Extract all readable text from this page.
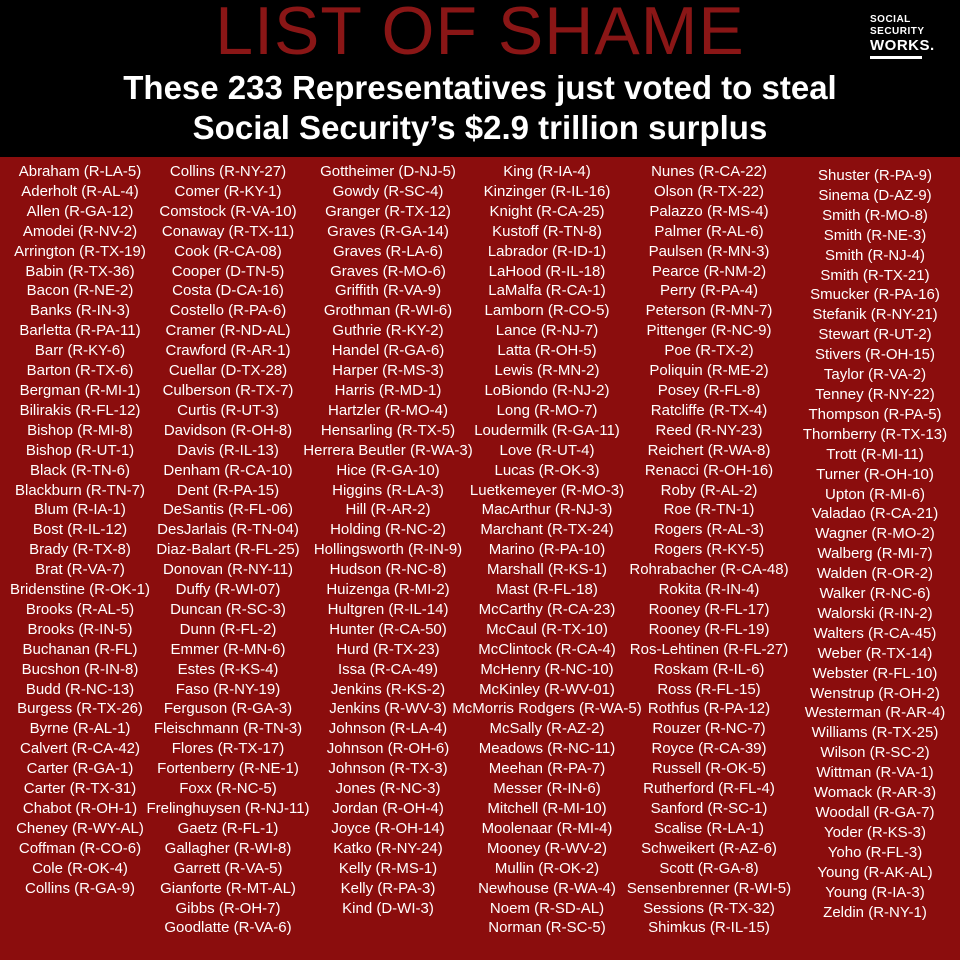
LIST OF SHAME	SOCIAL
SECURITY
WORKS.
These 233 Representatives just voted to steal
Social Security’s $2.9 trillion surplus
Abraham (R-LA-5)
Aderholt (R-AL-4)
Allen (R-GA-12)
Amodei (R-NV-2)
Arrington (R-TX-19)
Babin (R-TX-36)
Bacon (R-NE-2)
Banks (R-IN-3)
Barletta (R-PA-11)
Barr (R-KY-6)
Barton (R-TX-6)
Bergman (R-MI-1)
Bilirakis (R-FL-12)
Bishop (R-MI-8)
Bishop (R-UT-1)
Black (R-TN-6)
Blackburn (R-TN-7)
Blum (R-IA-1)
Bost (R-IL-12)
Brady (R-TX-8)
Brat (R-VA-7)
Bridenstine (R-OK-1)
Brooks (R-AL-5)
Brooks (R-IN-5)
Buchanan (R-FL)
Bucshon (R-IN-8)
Budd (R-NC-13)
Burgess (R-TX-26)
Byrne (R-AL-1)
Calvert (R-CA-42)
Carter (R-GA-1)
Carter (R-TX-31)
Chabot (R-OH-1)
Cheney (R-WY-AL)
Coffman (R-CO-6)
Cole (R-OK-4)
Collins (R-GA-9)
Collins (R-NY-27)
Comer (R-KY-1)
Comstock (R-VA-10)
Conaway (R-TX-11)
Cook (R-CA-08)
Cooper (D-TN-5)
Costa (D-CA-16)
Costello (R-PA-6)
Cramer (R-ND-AL)
Crawford (R-AR-1)
Cuellar (D-TX-28)
Culberson (R-TX-7)
Curtis (R-UT-3)
Davidson (R-OH-8)
Davis (R-IL-13)
Denham (R-CA-10)
Dent (R-PA-15)
DeSantis (R-FL-06)
DesJarlais (R-TN-04)
Diaz-Balart (R-FL-25)
Donovan (R-NY-11)
Duffy (R-WI-07)
Duncan (R-SC-3)
Dunn (R-FL-2)
Emmer (R-MN-6)
Estes (R-KS-4)
Faso (R-NY-19)
Ferguson (R-GA-3)
Fleischmann (R-TN-3)
Flores (R-TX-17)
Fortenberry (R-NE-1)
Foxx (R-NC-5)
Frelinghuysen (R-NJ-11)
Gaetz (R-FL-1)
Gallagher (R-WI-8)
Garrett (R-VA-5)
Gianforte (R-MT-AL)
Gibbs (R-OH-7)
Goodlatte (R-VA-6)
Gottheimer (D-NJ-5)
Gowdy (R-SC-4)
Granger (R-TX-12)
Graves (R-GA-14)
Graves (R-LA-6)
Graves (R-MO-6)
Griffith (R-VA-9)
Grothman (R-WI-6)
Guthrie (R-KY-2)
Handel (R-GA-6)
Harper (R-MS-3)
Harris (R-MD-1)
Hartzler (R-MO-4)
Hensarling (R-TX-5)
Herrera Beutler (R-WA-3)
Hice (R-GA-10)
Higgins (R-LA-3)
Hill (R-AR-2)
Holding (R-NC-2)
Hollingsworth (R-IN-9)
Hudson (R-NC-8)
Huizenga (R-MI-2)
Hultgren (R-IL-14)
Hunter (R-CA-50)
Hurd (R-TX-23)
Issa (R-CA-49)
Jenkins (R-KS-2)
Jenkins (R-WV-3)
Johnson (R-LA-4)
Johnson (R-OH-6)
Johnson (R-TX-3)
Jones (R-NC-3)
Jordan (R-OH-4)
Joyce (R-OH-14)
Katko (R-NY-24)
Kelly (R-MS-1)
Kelly (R-PA-3)
Kind (D-WI-3)
King (R-IA-4)
Kinzinger (R-IL-16)
Knight (R-CA-25)
Kustoff (R-TN-8)
Labrador (R-ID-1)
LaHood (R-IL-18)
LaMalfa (R-CA-1)
Lamborn (R-CO-5)
Lance (R-NJ-7)
Latta (R-OH-5)
Lewis (R-MN-2)
LoBiondo (R-NJ-2)
Long (R-MO-7)
Loudermilk (R-GA-11)
Love (R-UT-4)
Lucas (R-OK-3)
Luetkemeyer (R-MO-3)
MacArthur (R-NJ-3)
Marchant (R-TX-24)
Marino (R-PA-10)
Marshall (R-KS-1)
Mast (R-FL-18)
McCarthy (R-CA-23)
McCaul (R-TX-10)
McClintock (R-CA-4)
McHenry (R-NC-10)
McKinley (R-WV-01)
McMorris Rodgers (R-WA-5)
McSally (R-AZ-2)
Meadows (R-NC-11)
Meehan (R-PA-7)
Messer (R-IN-6)
Mitchell (R-MI-10)
Moolenaar (R-MI-4)
Mooney (R-WV-2)
Mullin (R-OK-2)
Newhouse (R-WA-4)
Noem (R-SD-AL)
Norman (R-SC-5)
Nunes (R-CA-22)
Olson (R-TX-22)
Palazzo (R-MS-4)
Palmer (R-AL-6)
Paulsen (R-MN-3)
Pearce (R-NM-2)
Perry (R-PA-4)
Peterson (R-MN-7)
Pittenger (R-NC-9)
Poe (R-TX-2)
Poliquin (R-ME-2)
Posey (R-FL-8)
Ratcliffe (R-TX-4)
Reed (R-NY-23)
Reichert (R-WA-8)
Renacci (R-OH-16)
Roby (R-AL-2)
Roe (R-TN-1)
Rogers (R-AL-3)
Rogers (R-KY-5)
Rohrabacher (R-CA-48)
Rokita (R-IN-4)
Rooney (R-FL-17)
Rooney (R-FL-19)
Ros-Lehtinen (R-FL-27)
Roskam (R-IL-6)
Ross (R-FL-15)
Rothfus (R-PA-12)
Rouzer (R-NC-7)
Royce (R-CA-39)
Russell (R-OK-5)
Rutherford (R-FL-4)
Sanford (R-SC-1)
Scalise (R-LA-1)
Schweikert (R-AZ-6)
Scott (R-GA-8)
Sensenbrenner (R-WI-5)
Sessions (R-TX-32)
Shimkus (R-IL-15)
Shuster (R-PA-9)
Sinema (D-AZ-9)
Smith (R-MO-8)
Smith (R-NE-3)
Smith (R-NJ-4)
Smith (R-TX-21)
Smucker (R-PA-16)
Stefanik (R-NY-21)
Stewart (R-UT-2)
Stivers (R-OH-15)
Taylor (R-VA-2)
Tenney (R-NY-22)
Thompson (R-PA-5)
Thornberry (R-TX-13)
Trott (R-MI-11)
Turner (R-OH-10)
Upton (R-MI-6)
Valadao (R-CA-21)
Wagner (R-MO-2)
Walberg (R-MI-7)
Walden (R-OR-2)
Walker (R-NC-6)
Walorski (R-IN-2)
Walters (R-CA-45)
Weber (R-TX-14)
Webster (R-FL-10)
Wenstrup (R-OH-2)
Westerman (R-AR-4)
Williams (R-TX-25)
Wilson (R-SC-2)
Wittman (R-VA-1)
Womack (R-AR-3)
Woodall (R-GA-7)
Yoder (R-KS-3)
Yoho (R-FL-3)
Young (R-AK-AL)
Young (R-IA-3)
Zeldin (R-NY-1)
